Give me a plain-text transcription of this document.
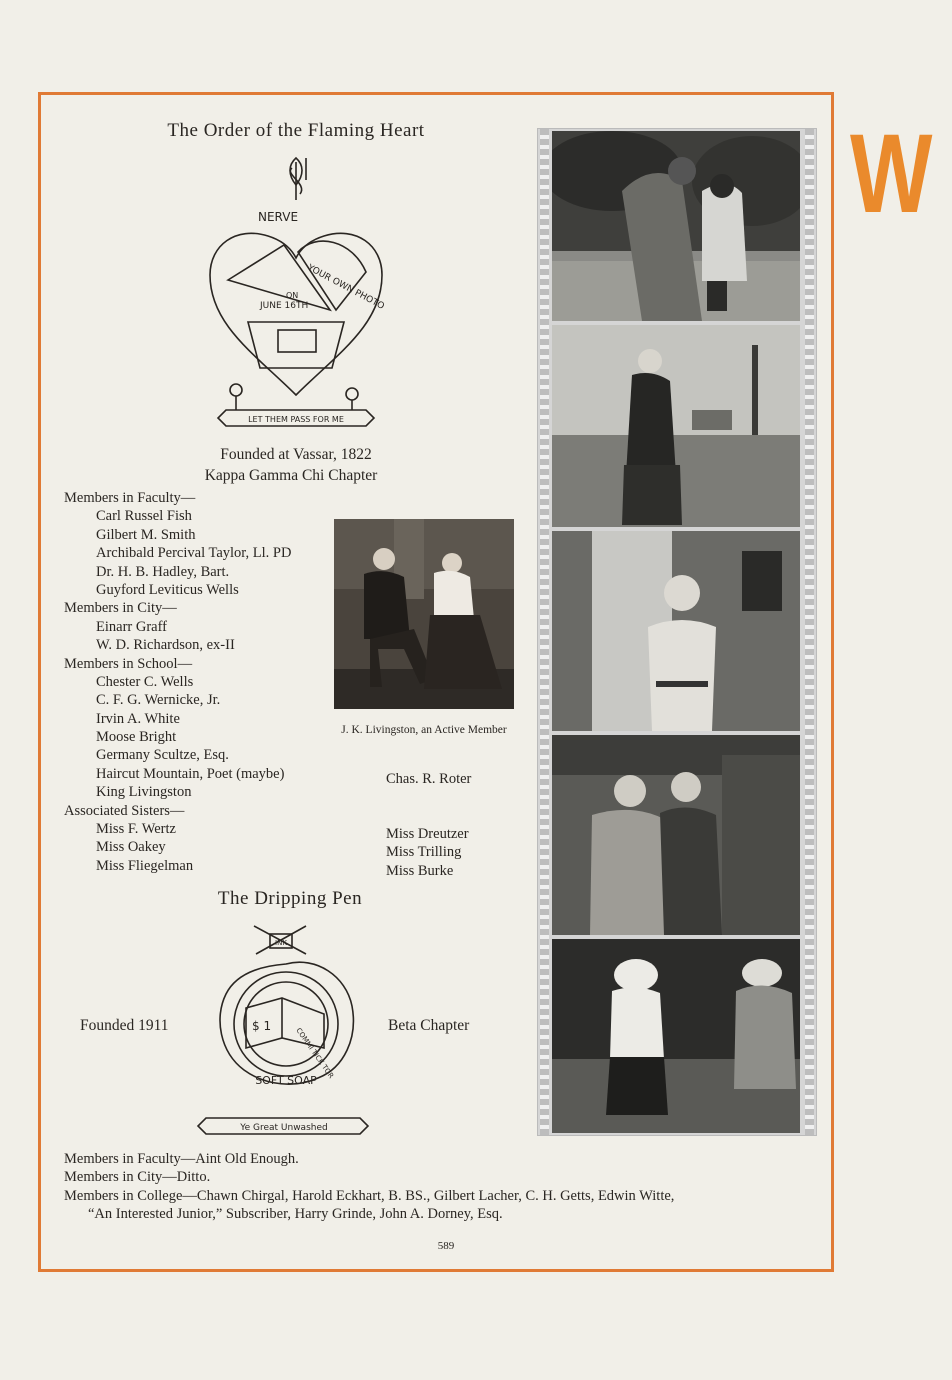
W
The Order of the Flaming Heart
NERVE
YOUR OWN PHOTO
ON
JUNE 16TH
LET THEM PASS FOR ME
Founded at Vassar, 1822
Kappa Gamma Chi Chapter
Members in Faculty—
Carl Russel Fish
Gilbert M. Smith
Archibald Percival Taylor, Ll. PD
Dr. H. B. Hadley, Bart.
Guyford Leviticus Wells
Members in City—
Einarr Graff
W. D. Richardson, ex-II
Members in School—
Chester C. Wells
C. F. G. Wernicke, Jr.
Irvin A. White
Moose Bright
Germany Scultze, Esq.
Haircut Mountain, Poet (maybe)
King Livingston
Associated Sisters—
Miss F. Wertz
Miss Oakey
Miss Fliegelman
J. K. Livingston, an Active Member
Chas. R. Roter
Miss Dreutzer
Miss Trilling
Miss Burke
The Dripping Pen
INK
$ 1
COMMI TICK TOR
SOFT SOAP
Ye Great Unwashed
Founded 1911	Beta Chapter
Members in Faculty—Aint Old Enough.
Members in City—Ditto.
Members in College—Chawn Chirgal, Harold Eckhart, B. BS., Gilbert Lacher, C. H. Getts, Edwin Witte,
“An Interested Junior,” Subscriber, Harry Grinde, John A. Dorney, Esq.
589
